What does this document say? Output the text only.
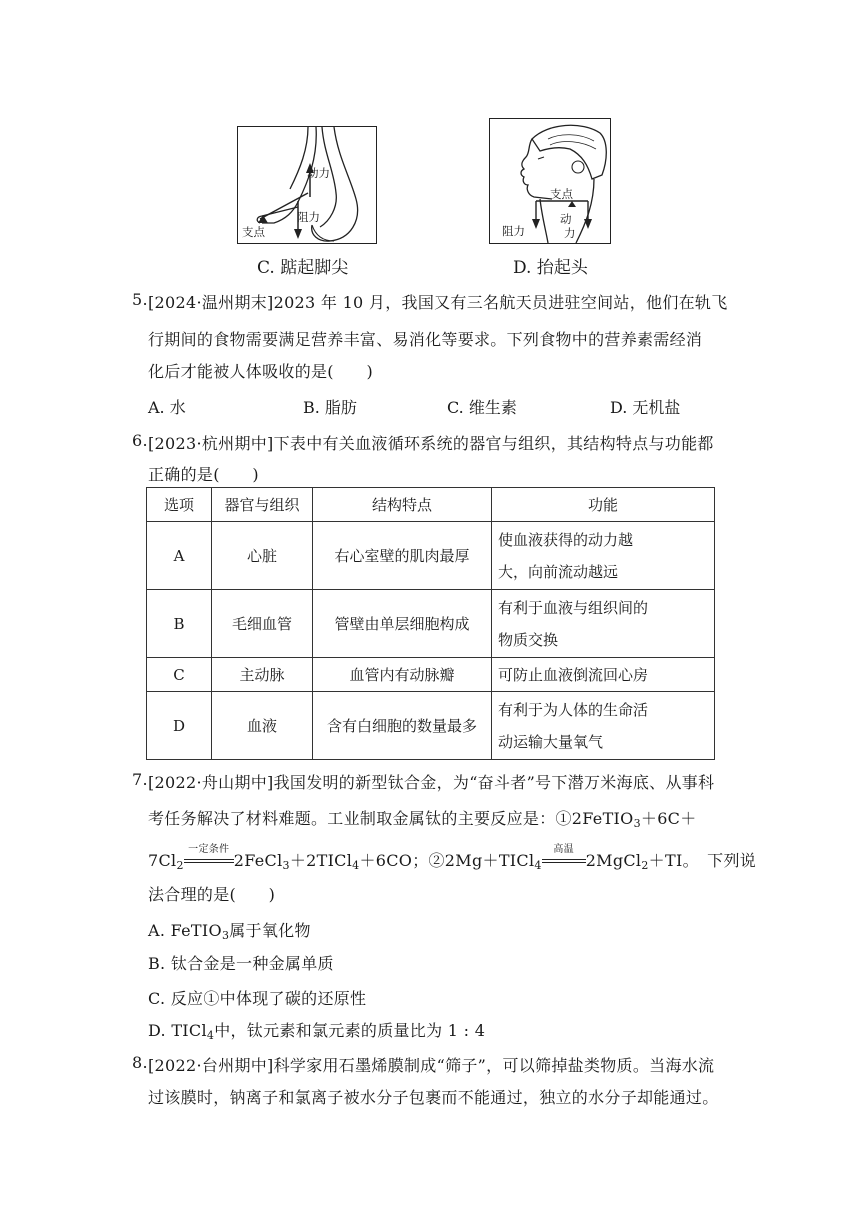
动力
阻力
支点
C. 踮起脚尖
支点
阻力
动
力
D. 抬起头
5. [2024·温州期末]2023 年 10 月，我国又有三名航天员进驻空间站，他们在轨飞
行期间的食物需要满足营养丰富、易消化等要求。下列食物中的营养素需经消
化后才能被人体吸收的是(　　)
A. 水	B. 脂肪	C. 维生素	D. 无机盐
6. [2023·杭州期中]下表中有关血液循环系统的器官与组织，其结构特点与功能都
正确的是(　　)
选项	器官与组织	结构特点	功能
A	心脏	右心室壁的肌肉最厚	使血液获得的动力越
大，向前流动越远
B	毛细血管	管壁由单层细胞构成	有利于血液与组织间的
物质交换
C	主动脉	血管内有动脉瓣	可防止血液倒流回心房
D	血液	含有白细胞的数量最多	有利于为人体的生命活
动运输大量氧气
7. [2022·舟山期中]我国发明的新型钛合金，为“奋斗者”号下潜万米海底、从事科
考任务解决了材料难题。工业制取金属钛的主要反应是：①2FeTIO$_3$＋6C＋
$7Cl_2$
一定条件
2FeCl$_3$＋2TICl$_4$＋6CO；②2Mg＋TICl$_4$
高温
2MgCl$_2$＋TI。　下列说
法合理的是(　　)
A. FeTIO$_3$属于氧化物
B. 钛合金是一种金属单质
C. 反应①中体现了碳的还原性
D. TICl$_4$中，钛元素和氯元素的质量比为 1 : 4
8. [2022·台州期中]科学家用石墨烯膜制成“筛子”，可以筛掉盐类物质。当海水流
过该膜时，钠离子和氯离子被水分子包裹而不能通过，独立的水分子却能通过。
